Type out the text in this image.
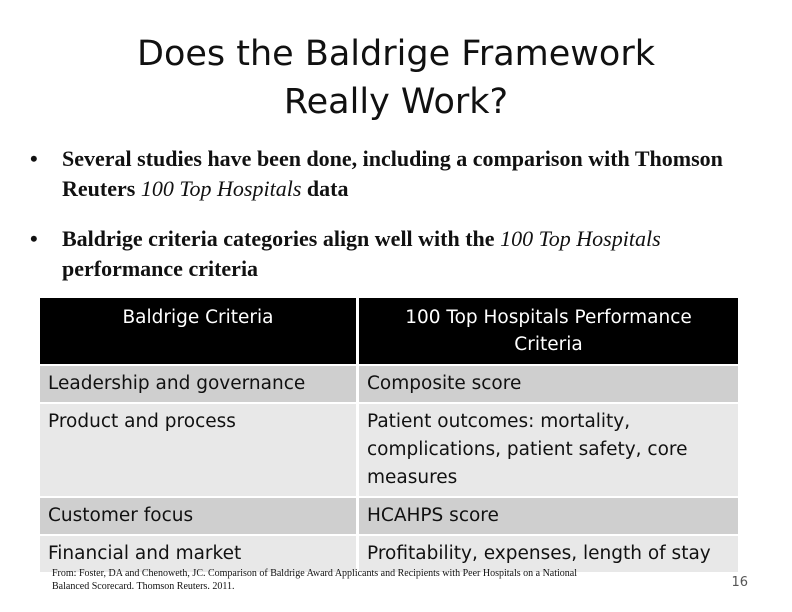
Does the Baldrige Framework
Really Work?
• Several studies have been done, including a comparison with Thomson Reuters 100 Top Hospitals data
• Baldrige criteria categories align well with the 100 Top Hospitals performance criteria
Baldrige Criteria	100 Top Hospitals Performance Criteria
Leadership and governance	Composite score
Product and process	Patient outcomes: mortality, complications, patient safety, core measures
Customer focus	HCAHPS score
Financial and market	Profitability, expenses, length of stay
From: Foster, DA and Chenoweth, JC. Comparison of Baldrige Award Applicants and Recipients with Peer Hospitals on a National Balanced Scorecard. Thomson Reuters. 2011.	16
